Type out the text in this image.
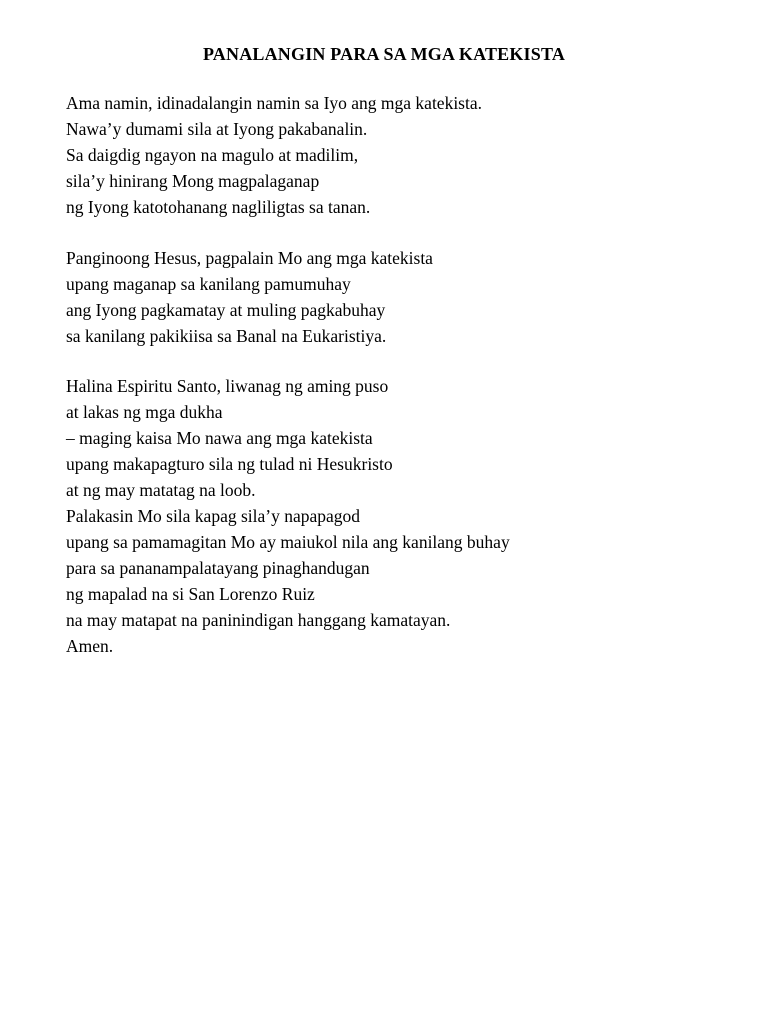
PANALANGIN PARA SA MGA KATEKISTA
Ama namin, idinadalangin namin sa Iyo ang mga katekista.
Nawa’y dumami sila at Iyong pakabanalin.
Sa daigdig ngayon na magulo at madilim,
sila’y hinirang Mong magpalaganap
ng Iyong katotohanang nagliligtas sa tanan.
Panginoong Hesus, pagpalain Mo ang mga katekista
upang maganap sa kanilang pamumuhay
ang Iyong pagkamatay at muling pagkabuhay
sa kanilang pakikiisa sa Banal na Eukaristiya.
Halina Espiritu Santo, liwanag ng aming puso
at lakas ng mga dukha
– maging kaisa Mo nawa ang mga katekista
upang makapagturo sila ng tulad ni Hesukristo
at ng may matatag na loob.
Palakasin Mo sila kapag sila’y napapagod
upang sa pamamagitan Mo ay maiukol nila ang kanilang buhay
para sa pananampalatayang pinaghandugan
ng mapalad na si San Lorenzo Ruiz
na may matapat na paninindigan hanggang kamatayan.
Amen.
